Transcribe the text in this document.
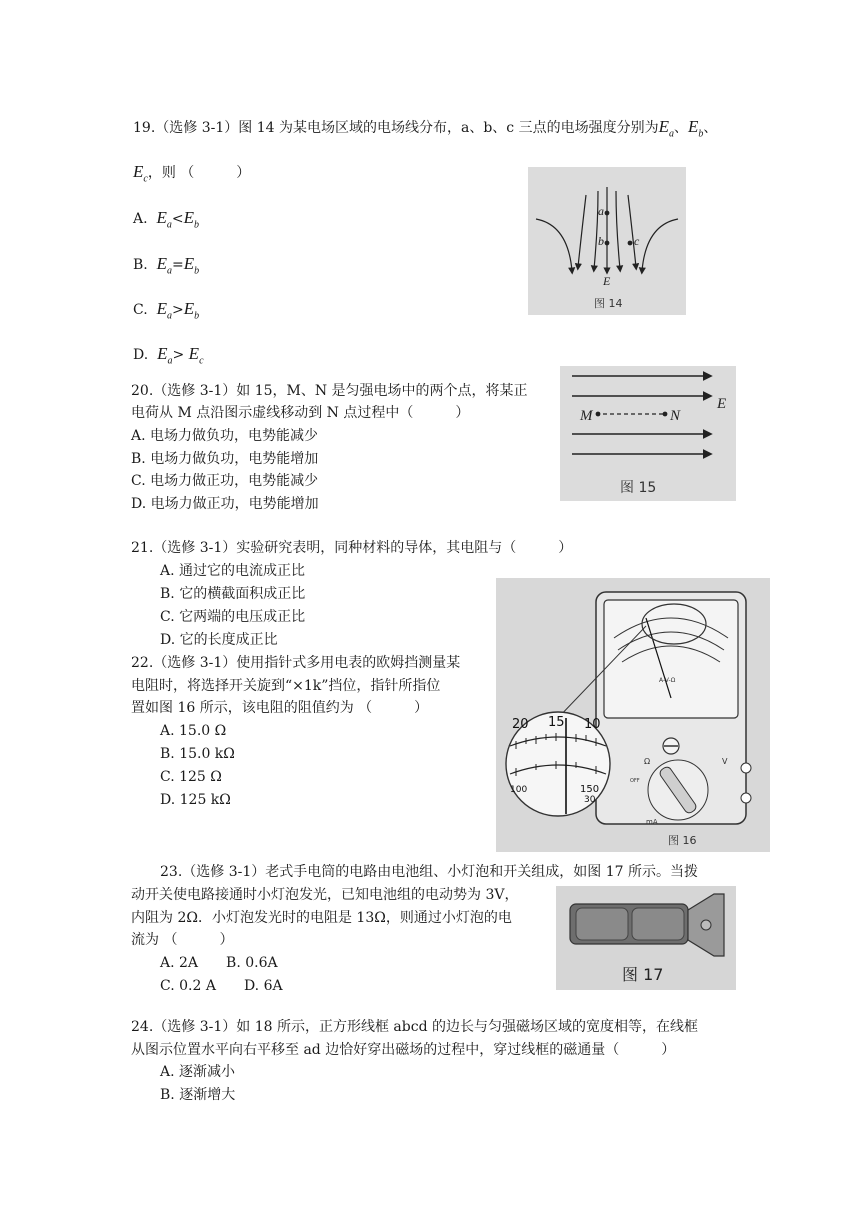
19.（选修 3-1）图 14 为某电场区域的电场线分布，a、b、c 三点的电场强度分别为$E_a$、$E_b$、
$E_c$，则 （　　　）
A. $E_a<E_b$
B. $E_a=E_b$
C. $E_a>E_b$
D. $E_a> E_c$
a
b	c
E
图 14
20.（选修 3-1）如 15，M、N 是匀强电场中的两个点，将某正
电荷从 M 点沿图示虚线移动到 N 点过程中（　　　）
A. 电场力做负功，电势能减少
B. 电场力做负功，电势能增加
C. 电场力做正功，电势能减少
D. 电场力做正功，电势能增加
M	N
E
图 15
21.（选修 3-1）实验研究表明，同种材料的导体，其电阻与（　　　）
A. 通过它的电流成正比
B. 它的横截面积成正比
C. 它两端的电压成正比
D. 它的长度成正比
22.（选修 3-1）使用指针式多用电表的欧姆挡测量某
电阻时，将选择开关旋到“×1k”挡位，指针所指位
置如图 16 所示，该电阻的阻值约为 （　　　）
A. 15.0 Ω
B. 15.0 kΩ
C. 125 Ω
D. 125 kΩ
A-V-Ω
Ω	V
mA
OFF
20 15 10
100	150
30
图 16
23.（选修 3-1）老式手电筒的电路由电池组、小灯泡和开关组成，如图 17 所示。当拨
动开关使电路接通时小灯泡发光，已知电池组的电动势为 3V，
内阻为 2Ω．小灯泡发光时的电阻是 13Ω，则通过小灯泡的电
流为 （　　　）
A. 2A　　B. 0.6A
C. 0.2 A　　D. 6A
图 17
24.（选修 3-1）如 18 所示，正方形线框 abcd 的边长与匀强磁场区域的宽度相等，在线框
从图示位置水平向右平移至 ad 边恰好穿出磁场的过程中，穿过线框的磁通量（　　　）
A. 逐渐减小
B. 逐渐增大
